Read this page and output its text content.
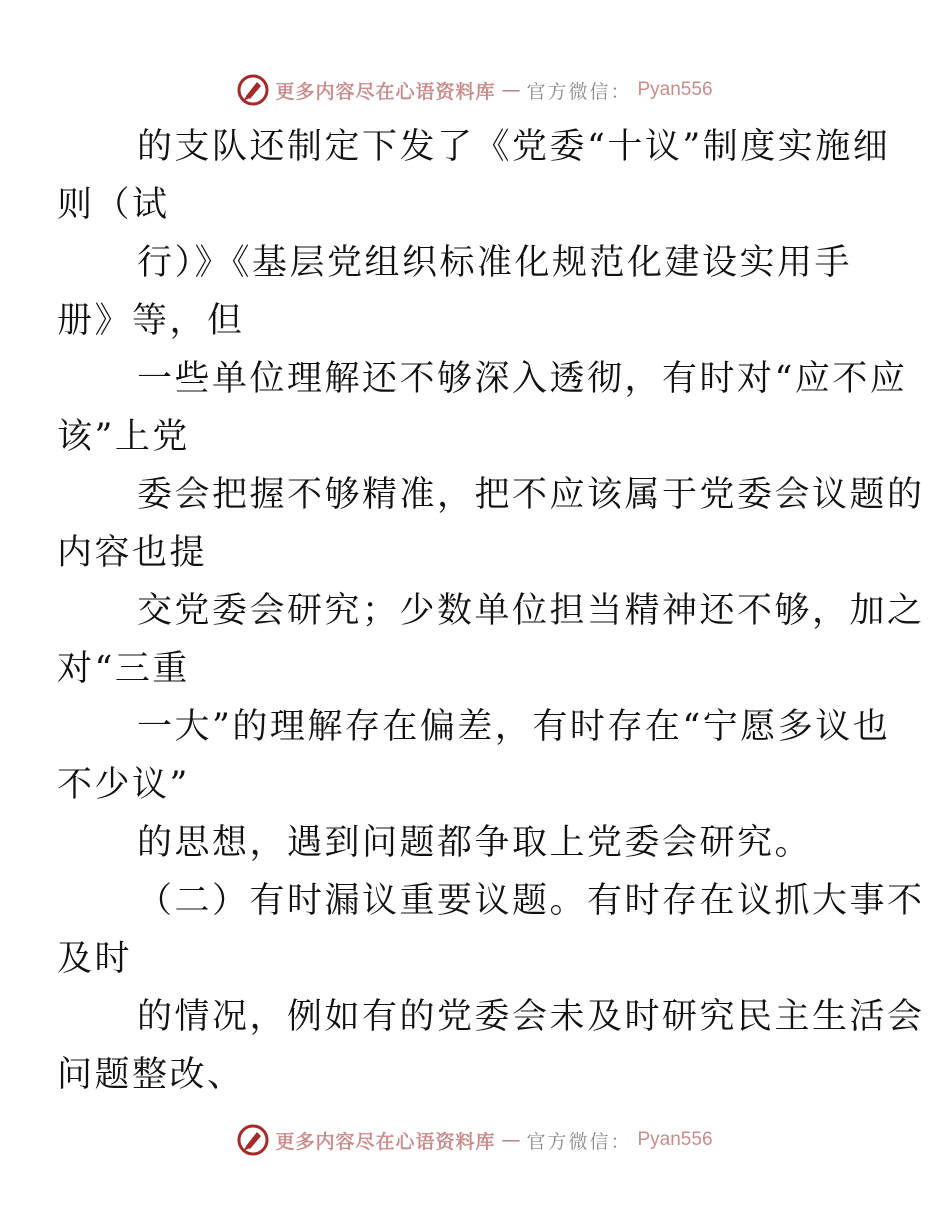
更多内容尽在心语资料库 — 官方微信： Pyan556

的支队还制定下发了《党委“十议”制度实施细
则（试

行）》《基层党组织标准化规范化建设实用手
册》等，但

一些单位理解还不够深入透彻，有时对“应不应
该”上党

委会把握不够精准，把不应该属于党委会议题的
内容也提

交党委会研究；少数单位担当精神还不够，加之
对“三重

一大”的理解存在偏差，有时存在“宁愿多议也
不少议”

的思想，遇到问题都争取上党委会研究。

（二）有时漏议重要议题。有时存在议抓大事不
及时

的情况，例如有的党委会未及时研究民主生活会
问题整改、

更多内容尽在心语资料库 — 官方微信： Pyan556
